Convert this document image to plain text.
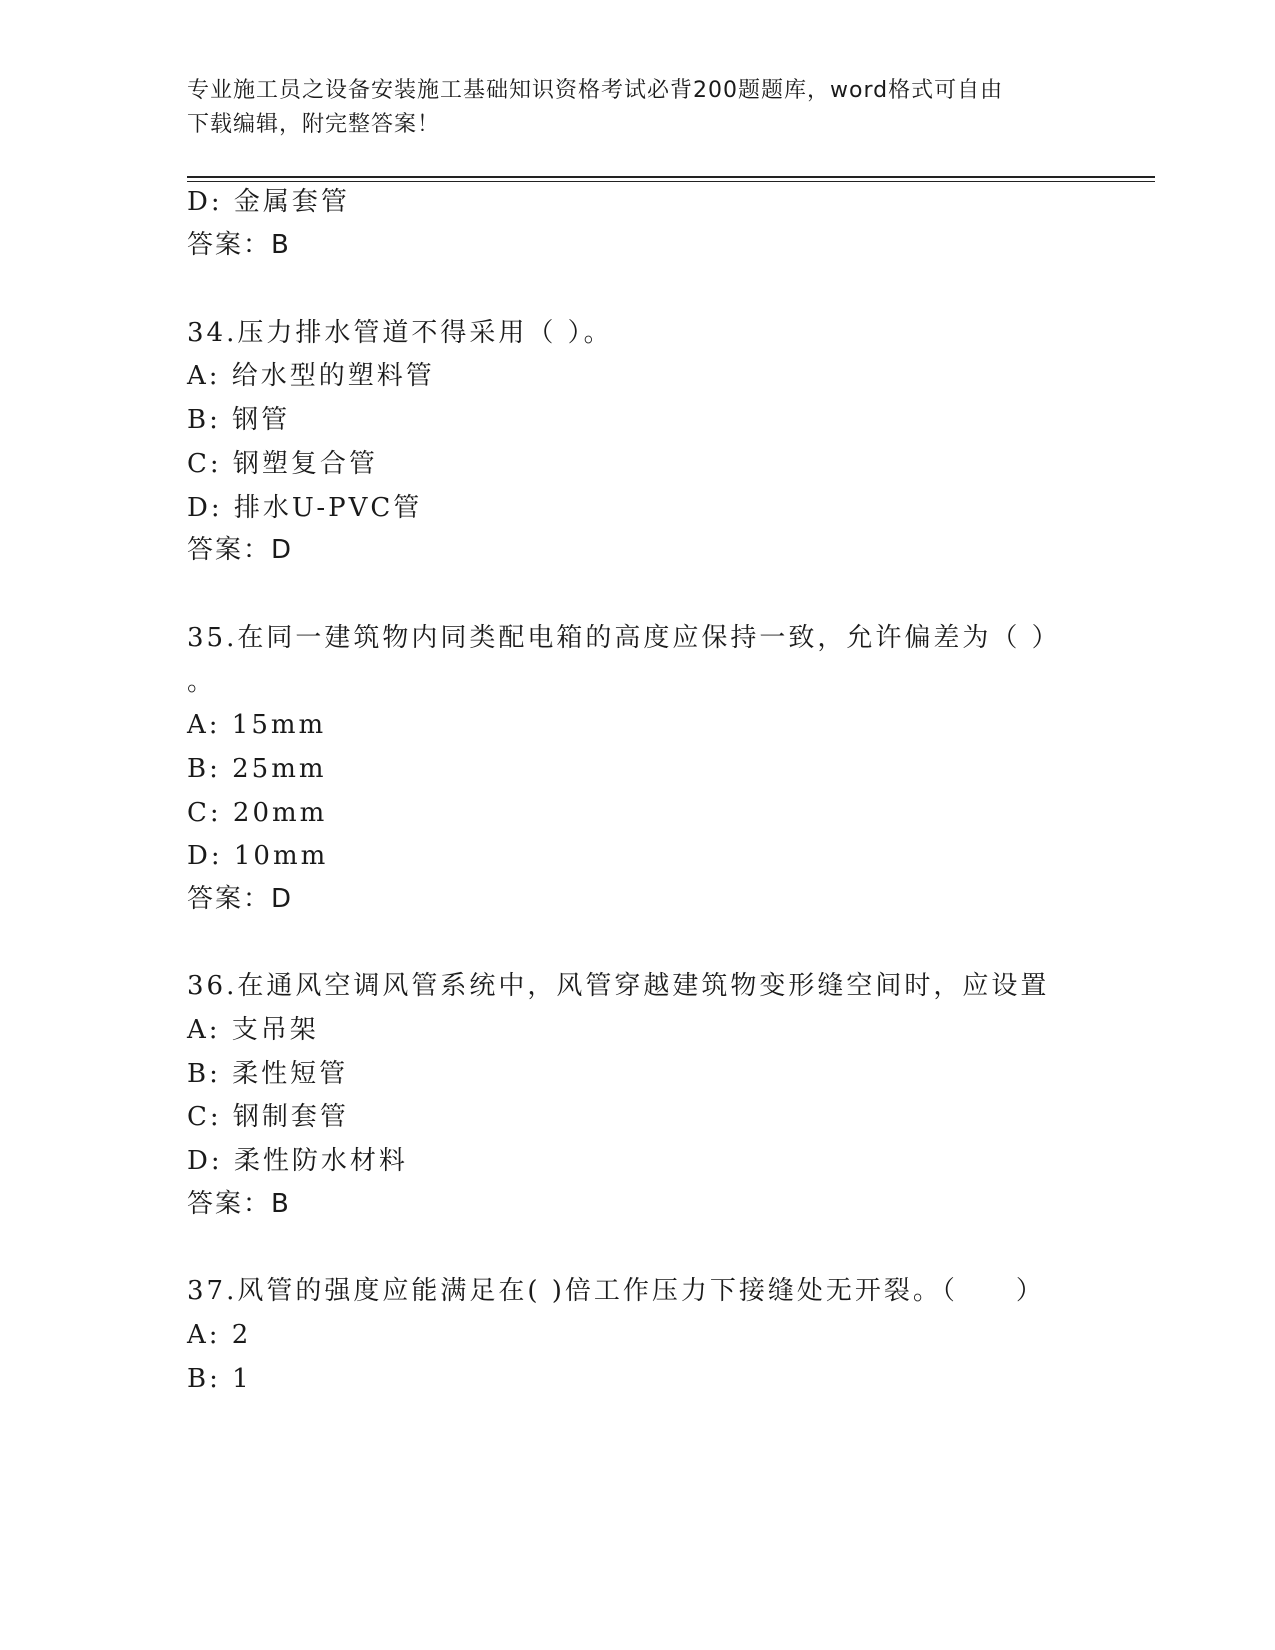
专业施工员之设备安装施工基础知识资格考试必背200题题库，word格式可自由
下载编辑，附完整答案！
D: 金属套管
答案：B
34.压力排水管道不得采用（ ）。
A: 给水型的塑料管
B: 钢管
C: 钢塑复合管
D: 排水U-PVC管
答案：D
35.在同一建筑物内同类配电箱的高度应保持一致，允许偏差为（ ）
。
A: 15mm
B: 25mm
C: 20mm
D: 10mm
答案：D
36.在通风空调风管系统中，风管穿越建筑物变形缝空间时，应设置
A: 支吊架
B: 柔性短管
C: 钢制套管
D: 柔性防水材料
答案：B
37.风管的强度应能满足在( )倍工作压力下接缝处无开裂。（　　）
A: 2
B: 1
